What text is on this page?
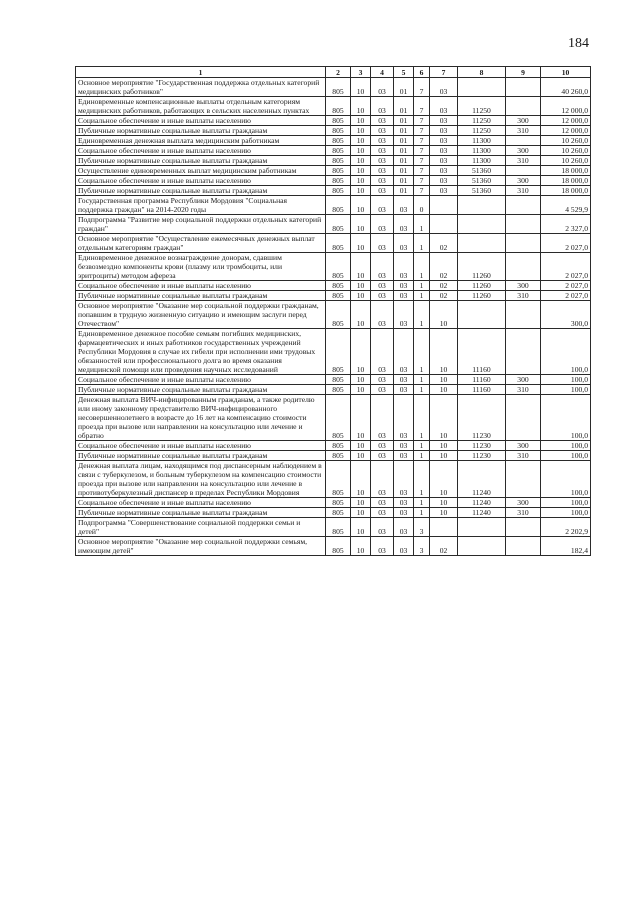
184
1	2	3	4	5	6	7	8	9	10
Основное мероприятие "Государственная поддержка отдельных категорий медицинских работников"	805	10	03	01	7	03			40 260,0
Единовременные компенсационные выплаты отдельным категориям медицинских работников, работающих в сельских населенных пунктах	805	10	03	01	7	03	11250		12 000,0
Социальное обеспечение и иные выплаты населению	805	10	03	01	7	03	11250	300	12 000,0
Публичные нормативные социальные выплаты гражданам	805	10	03	01	7	03	11250	310	12 000,0
Единовременная денежная выплата медицинским работникам	805	10	03	01	7	03	11300		10 260,0
Социальное обеспечение и иные выплаты населению	805	10	03	01	7	03	11300	300	10 260,0
Публичные нормативные социальные выплаты гражданам	805	10	03	01	7	03	11300	310	10 260,0
Осуществление единовременных выплат медицинским работникам	805	10	03	01	7	03	51360		18 000,0
Социальное обеспечение и иные выплаты населению	805	10	03	01	7	03	51360	300	18 000,0
Публичные нормативные социальные выплаты гражданам	805	10	03	01	7	03	51360	310	18 000,0
Государственная программа Республики Мордовия "Социальная поддержка граждан" на 2014-2020 годы	805	10	03	03	0				4 529,9
Подпрограмма "Развитие мер социальной поддержки отдельных категорий граждан"	805	10	03	03	1				2 327,0
Основное мероприятие "Осуществление ежемесячных денежных выплат отдельным категориям граждан"	805	10	03	03	1	02			2 027,0
Единовременное денежное вознаграждение донорам, сдавшим безвозмездно компоненты крови (плазму или тромбоциты, или эритроциты) методом афереза	805	10	03	03	1	02	11260		2 027,0
Социальное обеспечение и иные выплаты населению	805	10	03	03	1	02	11260	300	2 027,0
Публичные нормативные социальные выплаты гражданам	805	10	03	03	1	02	11260	310	2 027,0
Основное мероприятие "Оказание мер социальной поддержки гражданам, попавшим в трудную жизненную ситуацию и имеющим заслуги перед Отечеством"	805	10	03	03	1	10			300,0
Единовременное денежное пособие семьям погибших медицинских, фармацевтических и иных работников государственных учреждений Республики Мордовия в случае их гибели при исполнении ими трудовых обязанностей или профессионального долга во время оказания медицинской помощи или проведения научных исследований	805	10	03	03	1	10	11160		100,0
Социальное обеспечение и иные выплаты населению	805	10	03	03	1	10	11160	300	100,0
Публичные нормативные социальные выплаты гражданам	805	10	03	03	1	10	11160	310	100,0
Денежная выплата ВИЧ-инфицированным гражданам, а также родителю или иному законному представителю ВИЧ-инфицированного несовершеннолетнего в возрасте до 16 лет на компенсацию стоимости проезда при вызове или направлении на консультацию или лечение и обратно	805	10	03	03	1	10	11230		100,0
Социальное обеспечение и иные выплаты населению	805	10	03	03	1	10	11230	300	100,0
Публичные нормативные социальные выплаты гражданам	805	10	03	03	1	10	11230	310	100,0
Денежная выплата лицам, находящимся под диспансерным наблюдением в связи с туберкулезом, и больным туберкулезом на компенсацию стоимости проезда при вызове или направлении на консультацию или лечение в противотуберкулезный диспансер в пределах Республики Мордовия	805	10	03	03	1	10	11240		100,0
Социальное обеспечение и иные выплаты населению	805	10	03	03	1	10	11240	300	100,0
Публичные нормативные социальные выплаты гражданам	805	10	03	03	1	10	11240	310	100,0
Подпрограмма "Совершенствование социальной поддержки семьи и детей"	805	10	03	03	3				2 202,9
Основное мероприятие "Оказание мер социальной поддержки семьям, имеющим детей"	805	10	03	03	3	02			182,4
